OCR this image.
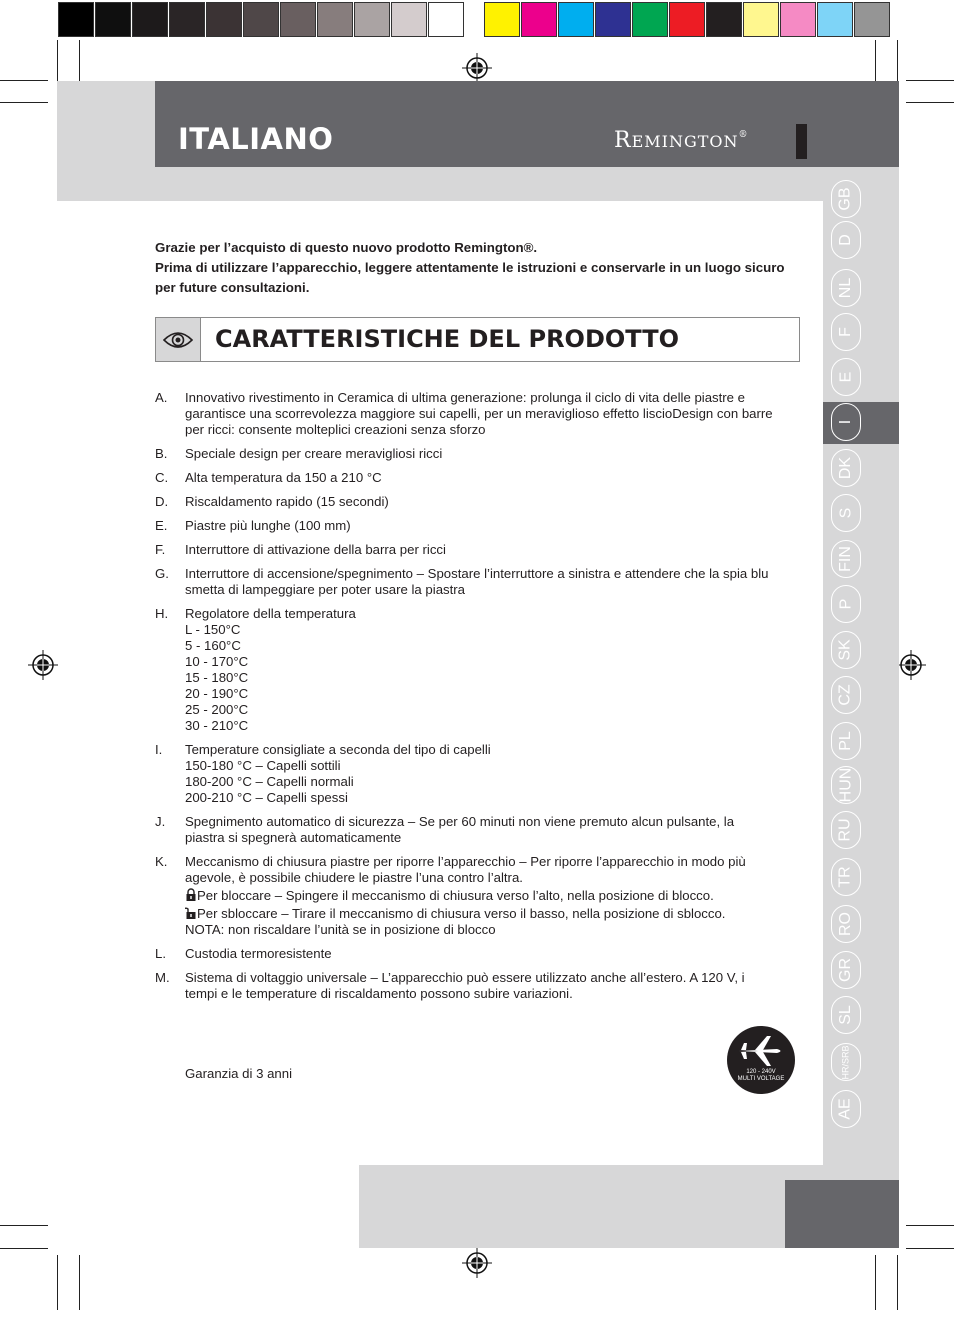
ITALIANO	REMINGTON®
GB
D
NL
F
E
I
DK
S
FIN
P
SK
CZ
PL
HUN
RU
TR
RO
GR
SL
HR/SRB
AE

Grazie per l’acquisto di questo nuovo prodotto Remington®.

Prima di utilizzare l’apparecchio, leggere attentamente le istruzioni e conservarle in un luogo sicuro per future consultazioni.

CARATTERISTICHE DEL PRODOTTO
A.	Innovativo rivestimento in Ceramica di ultima generazione: prolunga il ciclo di vita delle piastre e garantisce una scorrevolezza maggiore sui capelli, per un meraviglioso effetto liscioDesign con barre per ricci: consente molteplici creazioni senza sforzo
B.	Speciale design per creare meravigliosi ricci
C.	Alta temperatura da 150 a 210 °C
D.	Riscaldamento rapido (15 secondi)
E.	Piastre più lunghe (100 mm)
F.	Interruttore di attivazione della barra per ricci
G.	Interruttore di accensione/spegnimento – Spostare l’interruttore a sinistra e attendere che la spia blu smetta di lampeggiare per poter usare la piastra
H.	Regolatore della temperatura
L - 150°C
5 - 160°C
10 - 170°C
15 - 180°C
20 - 190°C
25 - 200°C
30 - 210°C
I.	Temperature consigliate a seconda del tipo di capelli
150-180 °C – Capelli sottili
180-200 °C – Capelli normali
200-210 °C – Capelli spessi
J.	Spegnimento automatico di sicurezza – Se per 60 minuti non viene premuto alcun pulsante, la piastra si spegnerà automaticamente
K.	Meccanismo di chiusura piastre per riporre l’apparecchio – Per riporre l’apparecchio in modo più agevole, è possibile chiudere le piastre l’una contro l’altra.
Per bloccare – Spingere il meccanismo di chiusura verso l’alto, nella posizione di blocco.
Per sbloccare – Tirare il meccanismo di chiusura verso il basso, nella posizione di sblocco.
NOTA: non riscaldare l’unità se in posizione di blocco
L.	Custodia termoresistente
M.	Sistema di voltaggio universale – L’apparecchio può essere utilizzato anche all’estero. A 120 V, i tempi e le temperature di riscaldamento possono subire variazioni.
Garanzia di 3 anni	120 - 240V
MULTI VOLTAGE
